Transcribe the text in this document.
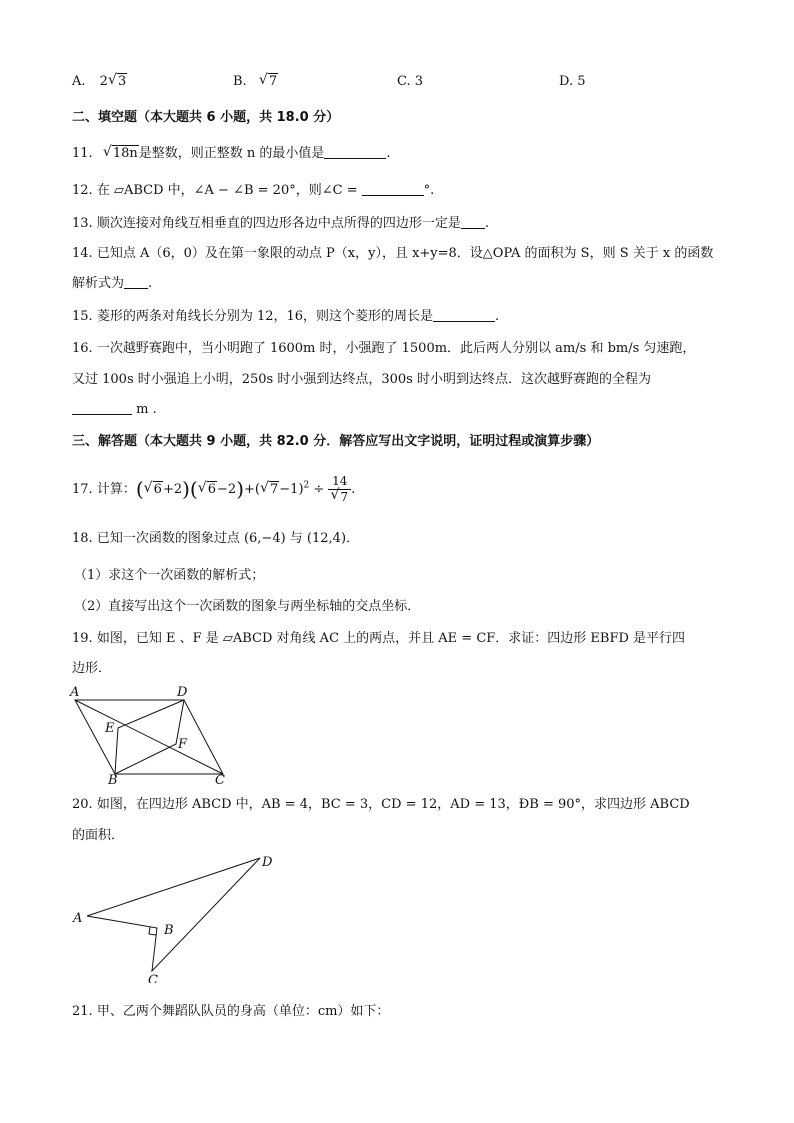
A. 2 √ 3	B. √ 7	C. 3	D. 5
二、填空题（本大题共 6 小题，共 18.0 分）
11. √ 18n是整数，则正整数 n 的最小值是	.
12. 在 ▱ABCD 中，∠A − ∠B = 20°，则∠C =	°.
13. 顺次连接对角线互相垂直的四边形各边中点所得的四边形一定是 .
14. 已知点 A（6，0）及在第一象限的动点 P（x，y），且 x+y=8．设△OPA 的面积为 S，则 S 关于 x 的函数
解析式为 .
15. 菱形的两条对角线长分别为 12，16，则这个菱形的周长是	.
16. 一次越野赛跑中，当小明跑了 1600m 时，小强跑了 1500m．此后两人分别以 am/s 和 bm/s 匀速跑，
又过 100s 时小强追上小明，250s 时小强到达终点，300s 时小明到达终点．这次越野赛跑的全程为
m .
三、解答题（本大题共 9 小题，共 82.0 分．解答应写出文字说明，证明过程或演算步骤）
17. 计算：( √ 6+2)( √ 6−2)+( √ 7−1)$^2$ ÷ 14
√ 7 .
18. 已知一次函数的图象过点 (6,−4) 与 (12,4)．
（1）求这个一次函数的解析式；
（2）直接写出这个一次函数的图象与两坐标轴的交点坐标．
19. 如图，已知 E 、F 是 ▱ABCD 对角线 AC 上的两点，并且 AE = CF．求证：四边形 EBFD 是平行四
边形．
A	D
E
F
B	C
20. 如图，在四边形 ABCD 中，AB = 4，BC = 3，CD = 12，AD = 13，ÐB = 90°，求四边形 ABCD
的面积．
A
B
C
D
21. 甲、乙两个舞蹈队队员的身高（单位：cm）如下：
